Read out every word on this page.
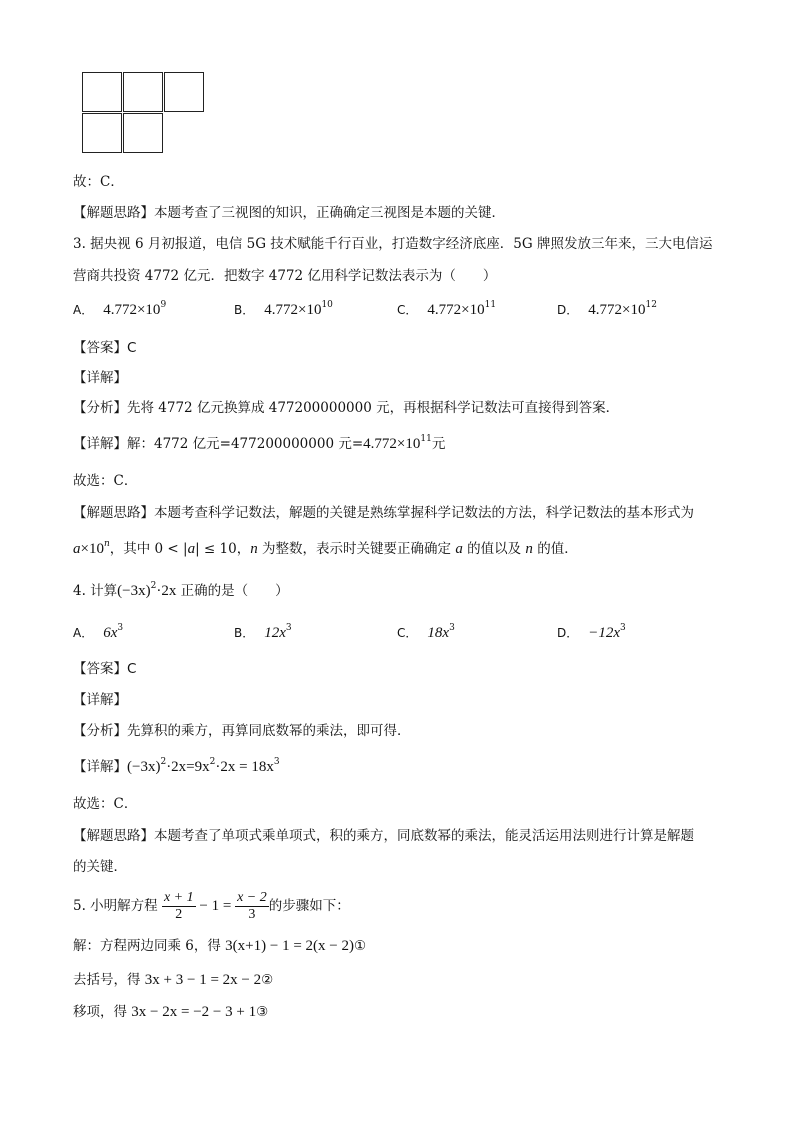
故：C．
【解题思路】本题考查了三视图的知识，正确确定三视图是本题的关键．
3. 据央视 6 月初报道，电信 5G 技术赋能千行百业，打造数字经济底座．5G 牌照发放三年来，三大电信运
营商共投资 4772 亿元．把数字 4772 亿用科学记数法表示为（　　）
A． $4.772\times 10^9$	B． $4.772\times 10^{10}$	C． $4.772\times 10^{11}$	D． $4.772\times 10^{12}$
【答案】C
【详解】
【分析】先将 4772 亿元换算成 477200000000 元，再根据科学记数法可直接得到答案．
【详解】解：4772 亿元=477200000000 元$=4.772\times 10^{11}$元
故选：C．
【解题思路】本题考查科学记数法，解题的关键是熟练掌握科学记数法的方法，科学记数法的基本形式为
$a\times 10^n$，其中 0 < |a| ≤ 10，n 为整数，表示时关键要正确确定 a 的值以及 n 的值．
4. 计算$(-3x)^2\cdot 2x$ 正确的是（　　）
A． $6x^3$	B． $12x^3$	C． $18x^3$	D． $-12x^3$
【答案】C
【详解】
【分析】先算积的乘方，再算同底数幂的乘法，即可得．
【详解】$(-3x)^2\cdot 2x=9x^2\cdot 2x = 18x^3$
故选：C．
【解题思路】本题考查了单项式乘单项式，积的乘方，同底数幂的乘法，能灵活运用法则进行计算是解题
的关键．
5. 小明解方程 $\frac{x + 1}{2} - 1 = \frac{x - 2}{3}$ 的步骤如下：
解：方程两边同乘 6，得 3(x+1) − 1 = 2(x − 2)①
去括号，得 3x + 3 − 1 = 2x − 2②
移项，得 3x − 2x = −2 − 3 + 1③
